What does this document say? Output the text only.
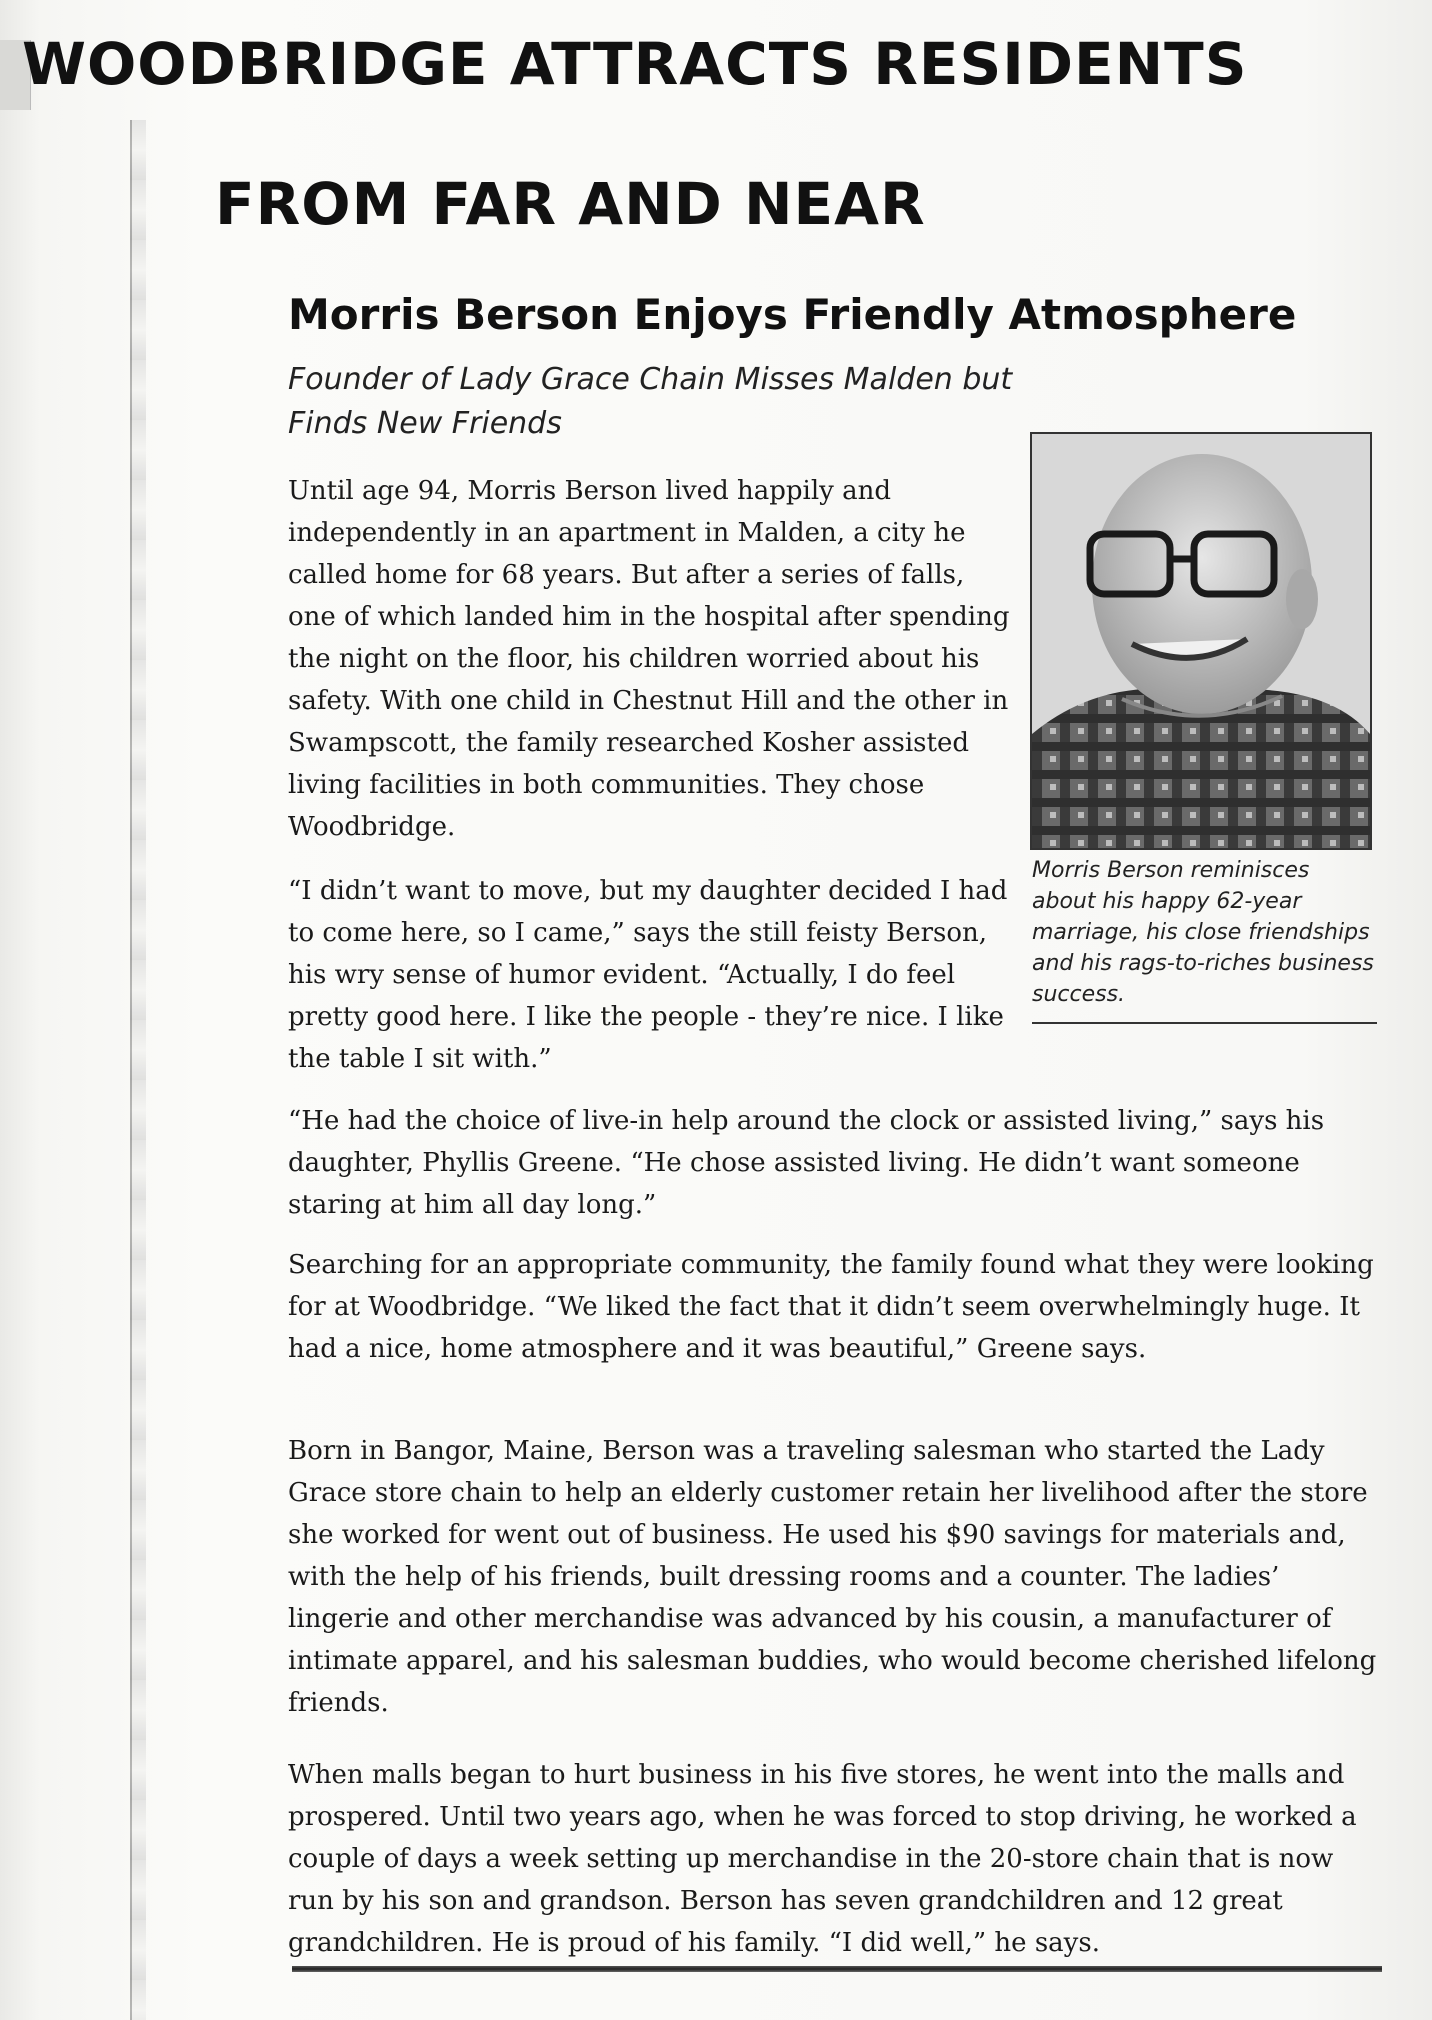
WOODBRIDGE ATTRACTS RESIDENTS
FROM FAR AND NEAR
Morris Berson Enjoys Friendly Atmosphere
Founder of Lady Grace Chain Misses Malden but Finds New Friends
Morris Berson reminisces about his happy 62-year marriage, his close friendships and his rags-to-riches business success.

Until age 94, Morris Berson lived happily and independently in an apartment in Malden, a city he called home for 68 years. But after a series of falls, one of which landed him in the hospital after spending the night on the floor, his children worried about his safety. With one child in Chestnut Hill and the other in Swampscott, the family researched Kosher assisted living facilities in both communities. They chose Woodbridge.

“I didn’t want to move, but my daughter decided I had to come here, so I came,” says the still feisty Berson, his wry sense of humor evident. “Actually, I do feel pretty good here. I like the people - they’re nice. I like the table I sit with.”

“He had the choice of live-in help around the clock or assisted living,” says his daughter, Phyllis Greene. “He chose assisted living. He didn’t want someone staring at him all day long.”

Searching for an appropriate community, the family found what they were looking for at Woodbridge. “We liked the fact that it didn’t seem overwhelmingly huge. It had a nice, home atmosphere and it was beautiful,” Greene says.

Born in Bangor, Maine, Berson was a traveling salesman who started the Lady Grace store chain to help an elderly customer retain her livelihood after the store she worked for went out of business. He used his $90 savings for materials and, with the help of his friends, built dressing rooms and a counter. The ladies’ lingerie and other merchandise was advanced by his cousin, a manufacturer of intimate apparel, and his salesman buddies, who would become cherished lifelong friends.

When malls began to hurt business in his five stores, he went into the malls and prospered. Until two years ago, when he was forced to stop driving, he worked a couple of days a week setting up merchandise in the 20-store chain that is now run by his son and grandson. Berson has seven grandchildren and 12 great grandchildren. He is proud of his family. “I did well,” he says.
